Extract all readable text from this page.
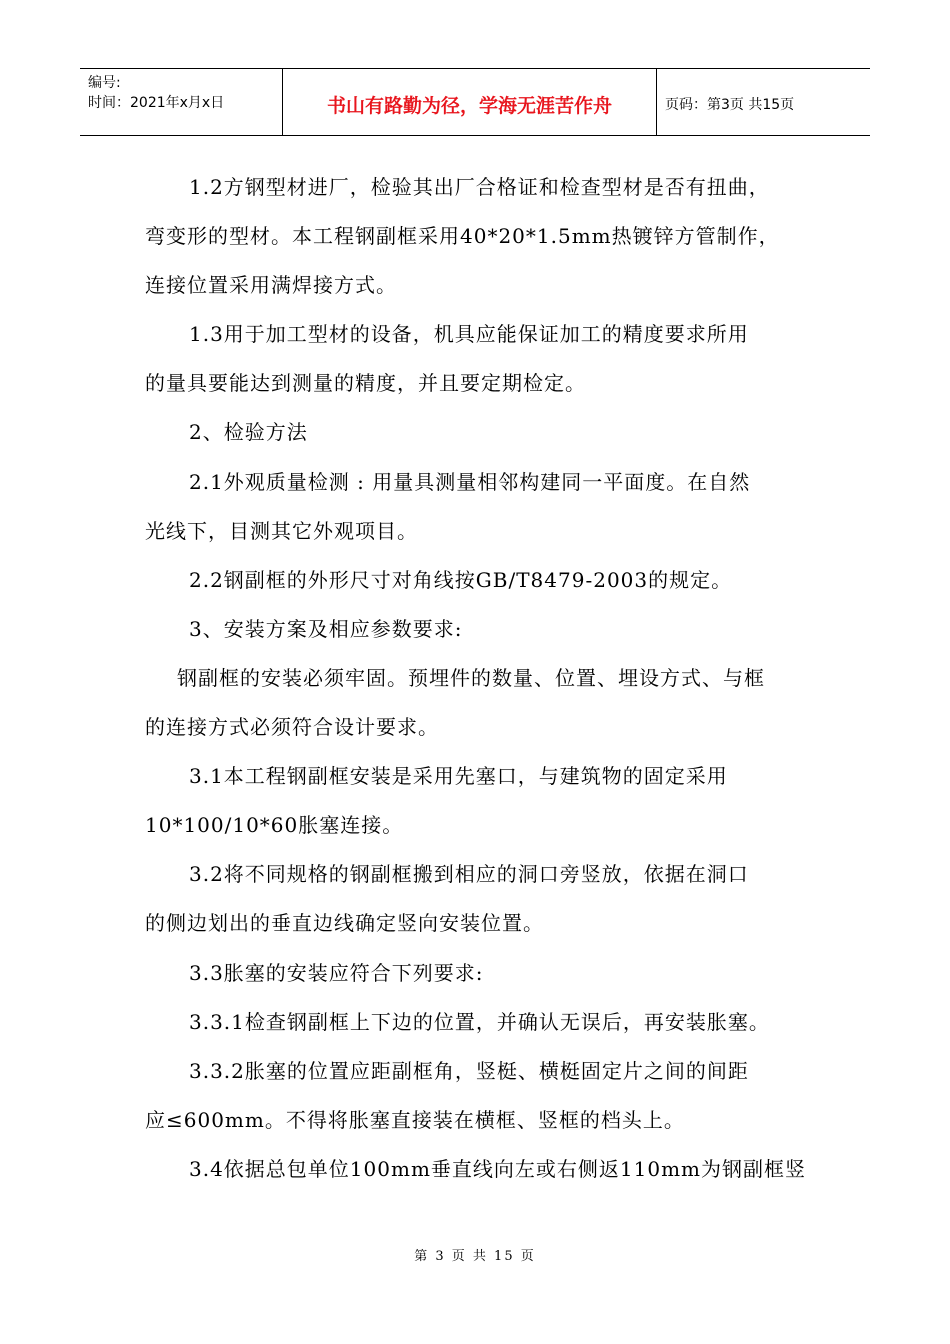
编号:
时间：2021年x月x日	书山有路勤为径，学海无涯苦作舟	页码：第3页 共15页
1.2方钢型材进厂，检验其出厂合格证和检查型材是否有扭曲，
弯变形的型材。本工程钢副框采用40*20*1.5mm热镀锌方管制作，
连接位置采用满焊接方式。
1.3用于加工型材的设备，机具应能保证加工的精度要求所用
的量具要能达到测量的精度，并且要定期检定。
2、检验方法
2.1外观质量检测 : 用量具测量相邻构建同一平面度。在自然
光线下，目测其它外观项目。
2.2钢副框的外形尺寸对角线按GB/T8479-2003的规定。
3、安装方案及相应参数要求:
钢副框的安装必须牢固。预埋件的数量、位置、埋设方式、与框
的连接方式必须符合设计要求。
3.1本工程钢副框安装是采用先塞口，与建筑物的固定采用
10*100/10*60胀塞连接。
3.2将不同规格的钢副框搬到相应的洞口旁竖放，依据在洞口
的侧边划出的垂直边线确定竖向安装位置。
3.3胀塞的安装应符合下列要求:
3.3.1检查钢副框上下边的位置，并确认无误后，再安装胀塞。
3.3.2胀塞的位置应距副框角，竖梃、横梃固定片之间的间距
应≤600mm。不得将胀塞直接装在横框、竖框的档头上。
3.4依据总包单位100mm垂直线向左或右侧返110mm为钢副框竖
第 3 页 共 15 页
